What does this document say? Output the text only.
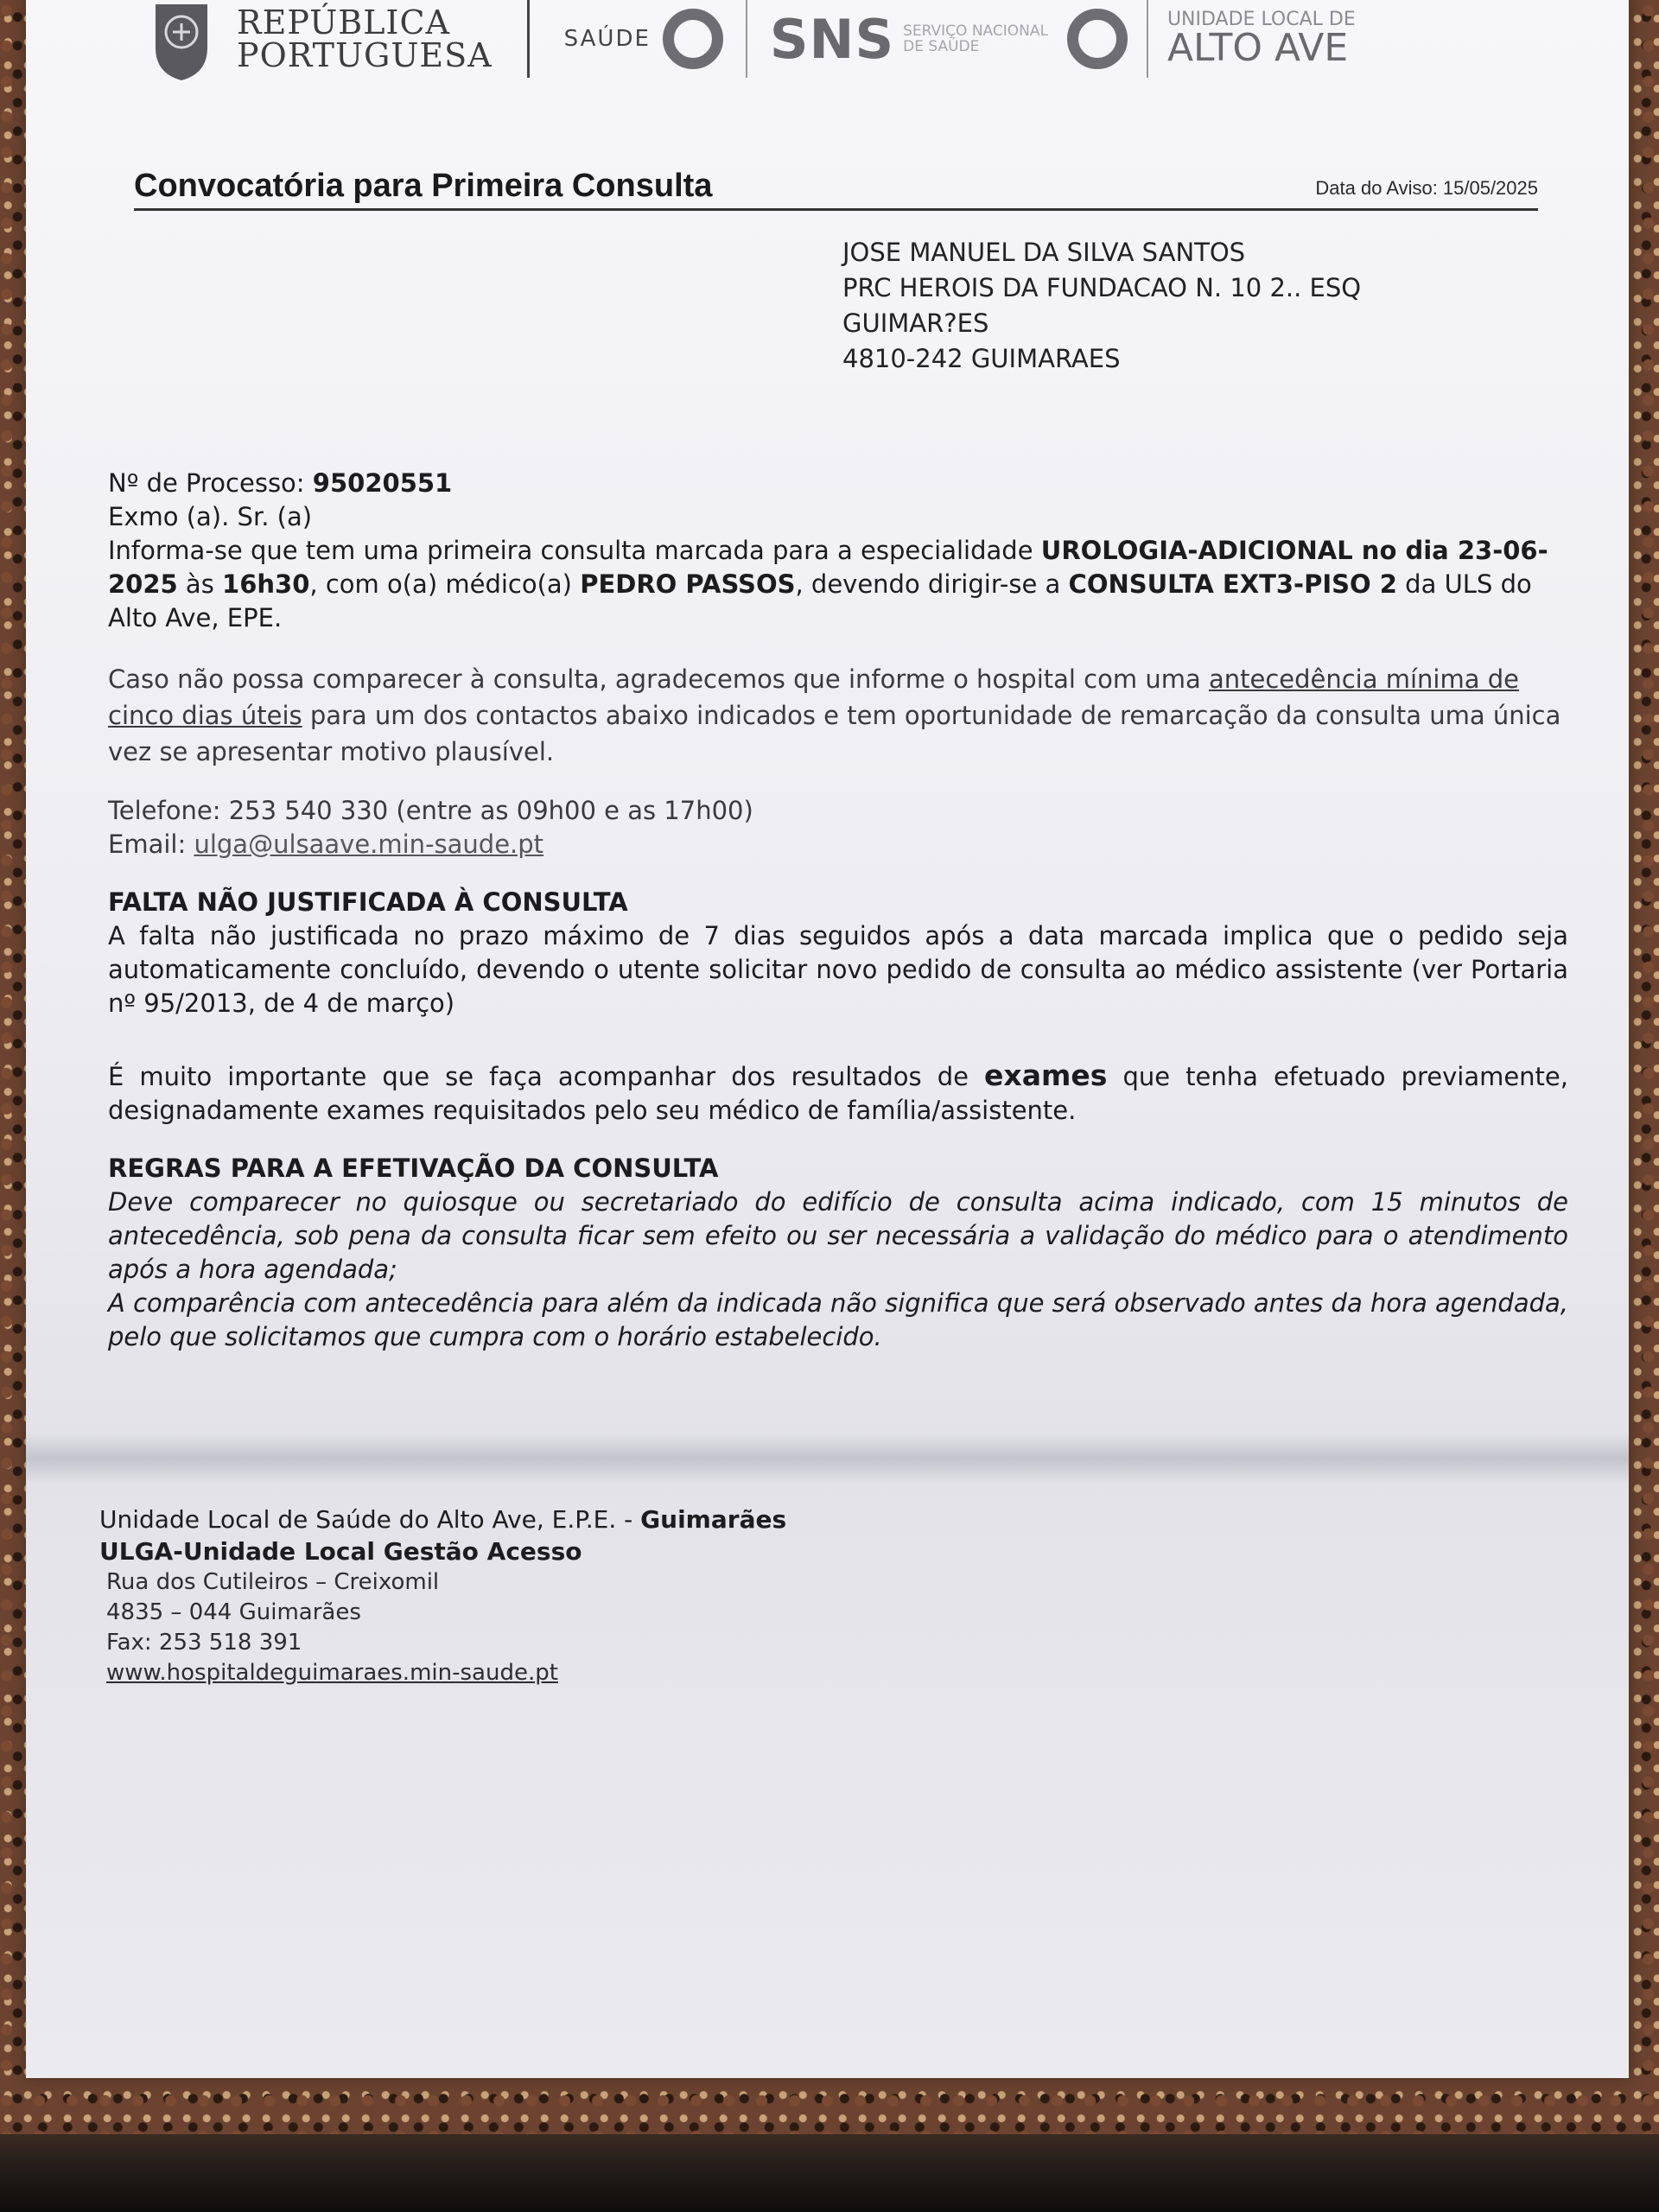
REPÚBLICA
PORTUGUESA	SAÚDE SNS SERVIÇO NACIONAL
DE SAÚDE
UNIDADE LOCAL DE
ALTO AVE
Convocatória para Primeira Consulta	Data do Aviso: 15/05/2025
JOSE MANUEL DA SILVA SANTOS
PRC HEROIS DA FUNDACAO N. 10 2.. ESQ
GUIMAR?ES
4810-242 GUIMARAES

Nº de Processo: 95020551

Exmo (a). Sr. (a)

Informa-se que tem uma primeira consulta marcada para a especialidade UROLOGIA-ADICIONAL no dia 23-06-2025 às 16h30, com o(a) médico(a) PEDRO PASSOS, devendo dirigir-se a CONSULTA EXT3-PISO 2 da ULS do Alto Ave, EPE.

Caso não possa comparecer à consulta, agradecemos que informe o hospital com uma antecedência mínima de cinco dias úteis para um dos contactos abaixo indicados e tem oportunidade de remarcação da consulta uma única vez se apresentar motivo plausível.

Telefone: 253 540 330 (entre as 09h00 e as 17h00)

Email: ulga@ulsaave.min-saude.pt

FALTA NÃO JUSTIFICADA À CONSULTA

A falta não justificada no prazo máximo de 7 dias seguidos após a data marcada implica que o pedido seja automaticamente concluído, devendo o utente solicitar novo pedido de consulta ao médico assistente (ver Portaria nº 95/2013, de 4 de março)

É muito importante que se faça acompanhar dos resultados de exames que tenha efetuado previamente, designadamente exames requisitados pelo seu médico de família/assistente.

REGRAS PARA A EFETIVAÇÃO DA CONSULTA

Deve comparecer no quiosque ou secretariado do edifício de consulta acima indicado, com 15 minutos de antecedência, sob pena da consulta ficar sem efeito ou ser necessária a validação do médico para o atendimento após a hora agendada;

A comparência com antecedência para além da indicada não significa que será observado antes da hora agendada, pelo que solicitamos que cumpra com o horário estabelecido.

Unidade Local de Saúde do Alto Ave, E.P.E. - Guimarães
ULGA-Unidade Local Gestão Acesso
Rua dos Cutileiros – Creixomil
4835 – 044 Guimarães
Fax: 253 518 391
www.hospitaldeguimaraes.min-saude.pt
